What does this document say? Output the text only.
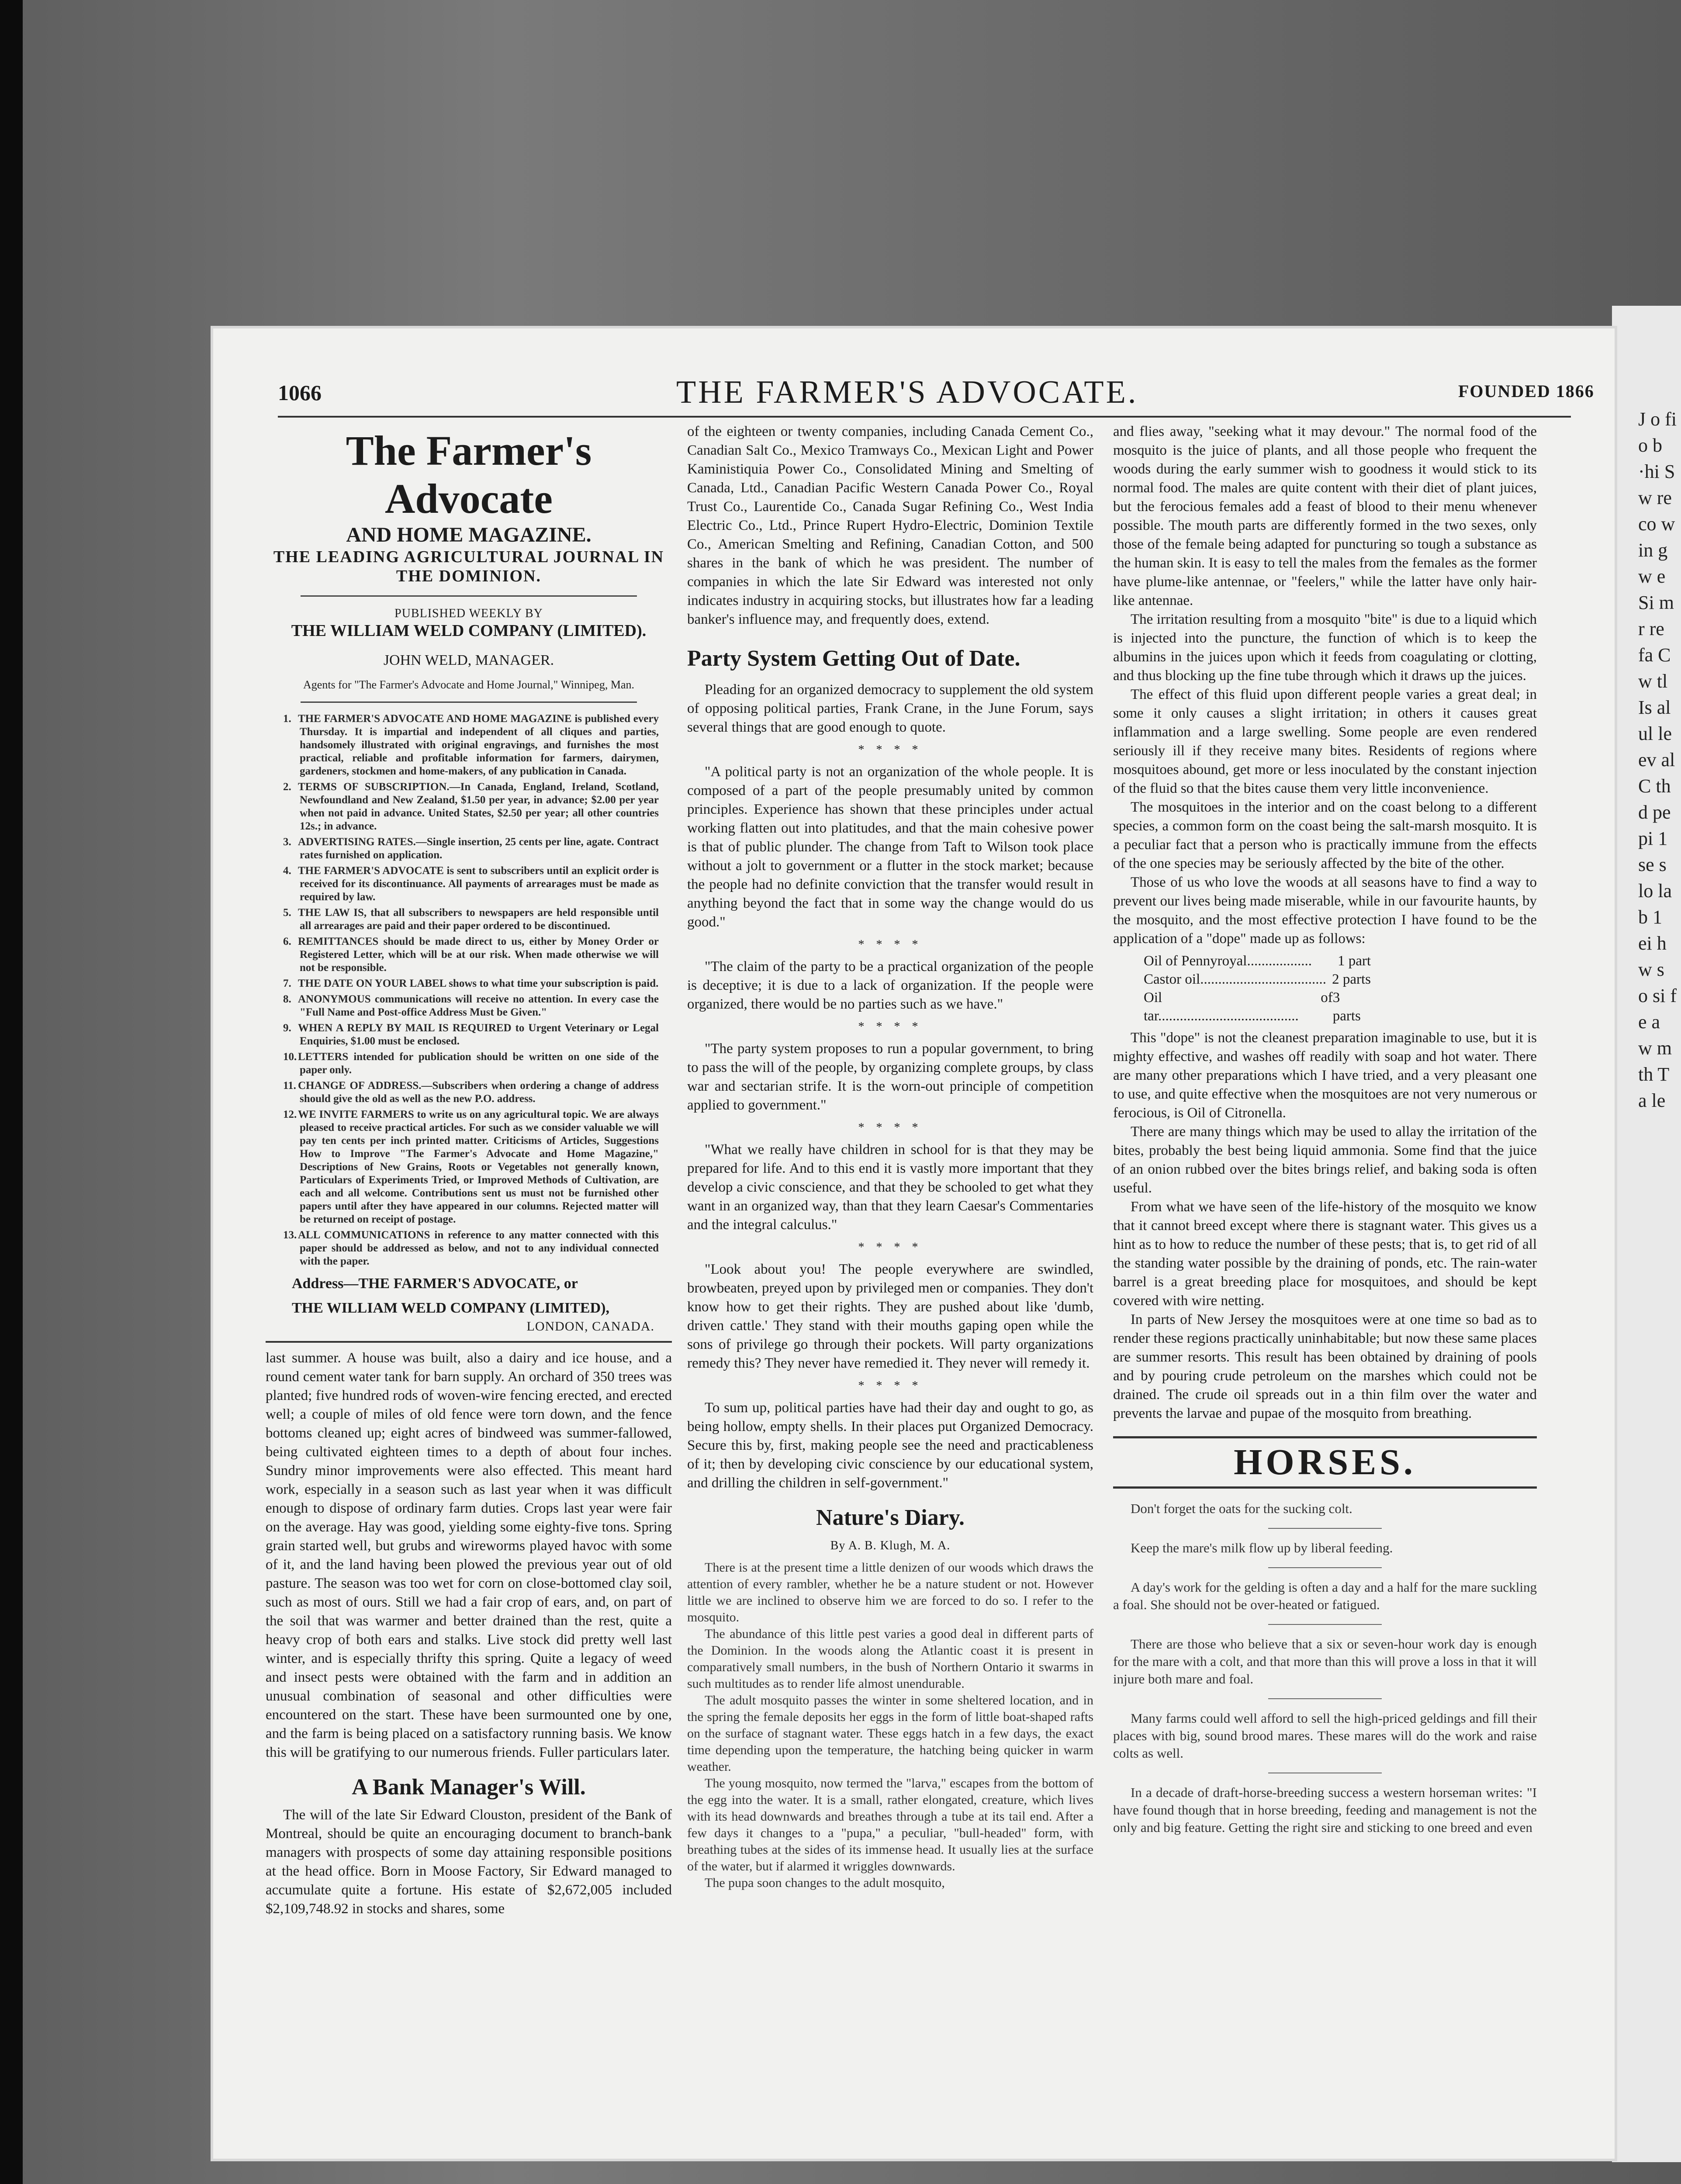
J o fi o b ·hi S w re co w in g w e Si m r re fa C w tl Is al ul le ev al C th d pe pi 1 se s lo la b 1 ei h w s o si f e a w m th T a le
1066	THE FARMER'S ADVOCATE.	FOUNDED 1866
The Farmer's Advocate
AND HOME MAGAZINE.
THE LEADING AGRICULTURAL JOURNAL IN THE DOMINION.
PUBLISHED WEEKLY BY
THE WILLIAM WELD COMPANY (LIMITED).
JOHN WELD, MANAGER.
Agents for "The Farmer's Advocate and Home Journal," Winnipeg, Man.
1. THE FARMER'S ADVOCATE AND HOME MAGAZINE is published every Thursday. It is impartial and independent of all cliques and parties, handsomely illustrated with original engravings, and furnishes the most practical, reliable and profitable information for farmers, dairymen, gardeners, stockmen and home-makers, of any publication in Canada.
2. TERMS OF SUBSCRIPTION.—In Canada, England, Ireland, Scotland, Newfoundland and New Zealand, $1.50 per year, in advance; $2.00 per year when not paid in advance. United States, $2.50 per year; all other countries 12s.; in advance.
3. ADVERTISING RATES.—Single insertion, 25 cents per line, agate. Contract rates furnished on application.
4. THE FARMER'S ADVOCATE is sent to subscribers until an explicit order is received for its discontinuance. All payments of arrearages must be made as required by law.
5. THE LAW IS, that all subscribers to newspapers are held responsible until all arrearages are paid and their paper ordered to be discontinued.
6. REMITTANCES should be made direct to us, either by Money Order or Registered Letter, which will be at our risk. When made otherwise we will not be responsible.
7. THE DATE ON YOUR LABEL shows to what time your subscription is paid.
8. ANONYMOUS communications will receive no attention. In every case the "Full Name and Post-office Address Must be Given."
9. WHEN A REPLY BY MAIL IS REQUIRED to Urgent Veterinary or Legal Enquiries, $1.00 must be enclosed.
10. LETTERS intended for publication should be written on one side of the paper only.
11. CHANGE OF ADDRESS.—Subscribers when ordering a change of address should give the old as well as the new P.O. address.
12. WE INVITE FARMERS to write us on any agricultural topic. We are always pleased to receive practical articles. For such as we consider valuable we will pay ten cents per inch printed matter. Criticisms of Articles, Suggestions How to Improve "The Farmer's Advocate and Home Magazine," Descriptions of New Grains, Roots or Vegetables not generally known, Particulars of Experiments Tried, or Improved Methods of Cultivation, are each and all welcome. Contributions sent us must not be furnished other papers until after they have appeared in our columns. Rejected matter will be returned on receipt of postage.
13. ALL COMMUNICATIONS in reference to any matter connected with this paper should be addressed as below, and not to any individual connected with the paper.
Address—THE FARMER'S ADVOCATE, or
THE WILLIAM WELD COMPANY (LIMITED),
LONDON, CANADA.
last summer. A house was built, also a dairy and ice house, and a round cement water tank for barn supply. An orchard of 350 trees was planted; five hundred rods of woven-wire fencing erected, and erected well; a couple of miles of old fence were torn down, and the fence bottoms cleaned up; eight acres of bindweed was summer-fallowed, being cultivated eighteen times to a depth of about four inches. Sundry minor improvements were also effected. This meant hard work, especially in a season such as last year when it was difficult enough to dispose of ordinary farm duties. Crops last year were fair on the average. Hay was good, yielding some eighty-five tons. Spring grain started well, but grubs and wireworms played havoc with some of it, and the land having been plowed the previous year out of old pasture. The season was too wet for corn on close-bottomed clay soil, such as most of ours. Still we had a fair crop of ears, and, on part of the soil that was warmer and better drained than the rest, quite a heavy crop of both ears and stalks. Live stock did pretty well last winter, and is especially thrifty this spring. Quite a legacy of weed and insect pests were obtained with the farm and in addition an unusual combination of seasonal and other difficulties were encountered on the start. These have been surmounted one by one, and the farm is being placed on a satisfactory running basis. We know this will be gratifying to our numerous friends. Fuller particulars later.
A Bank Manager's Will.

The will of the late Sir Edward Clouston, president of the Bank of Montreal, should be quite an encouraging document to branch-bank managers with prospects of some day attaining responsible positions at the head office. Born in Moose Factory, Sir Edward managed to accumulate quite a fortune. His estate of $2,672,005 included $2,109,748.92 in stocks and shares, some

of the eighteen or twenty companies, including Canada Cement Co., Canadian Salt Co., Mexico Tramways Co., Mexican Light and Power Kaministiquia Power Co., Consolidated Mining and Smelting of Canada, Ltd., Canadian Pacific Western Canada Power Co., Royal Trust Co., Laurentide Co., Canada Sugar Refining Co., West India Electric Co., Ltd., Prince Rupert Hydro-Electric, Dominion Textile Co., American Smelting and Refining, Canadian Cotton, and 500 shares in the bank of which he was president. The number of companies in which the late Sir Edward was interested not only indicates industry in acquiring stocks, but illustrates how far a leading banker's influence may, and frequently does, extend.

Party System Getting Out of Date.

Pleading for an organized democracy to supplement the old system of opposing political parties, Frank Crane, in the June Forum, says several things that are good enough to quote.

* * * *

"A political party is not an organization of the whole people. It is composed of a part of the people presumably united by common principles. Experience has shown that these principles under actual working flatten out into platitudes, and that the main cohesive power is that of public plunder. The change from Taft to Wilson took place without a jolt to government or a flutter in the stock market; because the people had no definite conviction that the transfer would result in anything beyond the fact that in some way the change would do us good."

* * * *

"The claim of the party to be a practical organization of the people is deceptive; it is due to a lack of organization. If the people were organized, there would be no parties such as we have."

* * * *

"The party system proposes to run a popular government, to bring to pass the will of the people, by organizing complete groups, by class war and sectarian strife. It is the worn-out principle of competition applied to government."

* * * *

"What we really have children in school for is that they may be prepared for life. And to this end it is vastly more important that they develop a civic conscience, and that they be schooled to get what they want in an organized way, than that they learn Caesar's Commentaries and the integral calculus."

* * * *

"Look about you! The people everywhere are swindled, browbeaten, preyed upon by privileged men or companies. They don't know how to get their rights. They are pushed about like 'dumb, driven cattle.' They stand with their mouths gaping open while the sons of privilege go through their pockets. Will party organizations remedy this? They never have remedied it. They never will remedy it.

* * * *

To sum up, political parties have had their day and ought to go, as being hollow, empty shells. In their places put Organized Democracy. Secure this by, first, making people see the need and practicableness of it; then by developing civic conscience by our educational system, and drilling the children in self-government."

Nature's Diary.
By A. B. Klugh, M. A.

There is at the present time a little denizen of our woods which draws the attention of every rambler, whether he be a nature student or not. However little we are inclined to observe him we are forced to do so. I refer to the mosquito.

The abundance of this little pest varies a good deal in different parts of the Dominion. In the woods along the Atlantic coast it is present in comparatively small numbers, in the bush of Northern Ontario it swarms in such multitudes as to render life almost unendurable.

The adult mosquito passes the winter in some sheltered location, and in the spring the female deposits her eggs in the form of little boat-shaped rafts on the surface of stagnant water. These eggs hatch in a few days, the exact time depending upon the temperature, the hatching being quicker in warm weather.

The young mosquito, now termed the "larva," escapes from the bottom of the egg into the water. It is a small, rather elongated, creature, which lives with its head downwards and breathes through a tube at its tail end. After a few days it changes to a "pupa," a peculiar, "bull-headed" form, with breathing tubes at the sides of its immense head. It usually lies at the surface of the water, but if alarmed it wriggles downwards.

The pupa soon changes to the adult mosquito,

and flies away, "seeking what it may devour." The normal food of the mosquito is the juice of plants, and all those people who frequent the woods during the early summer wish to goodness it would stick to its normal food. The males are quite content with their diet of plant juices, but the ferocious females add a feast of blood to their menu whenever possible. The mouth parts are differently formed in the two sexes, only those of the female being adapted for puncturing so tough a substance as the human skin. It is easy to tell the males from the females as the former have plume-like antennae, or "feelers," while the latter have only hair-like antennae.

The irritation resulting from a mosquito "bite" is due to a liquid which is injected into the puncture, the function of which is to keep the albumins in the juices upon which it feeds from coagulating or clotting, and thus blocking up the fine tube through which it draws up the juices.

The effect of this fluid upon different people varies a great deal; in some it only causes a slight irritation; in others it causes great inflammation and a large swelling. Some people are even rendered seriously ill if they receive many bites. Residents of regions where mosquitoes abound, get more or less inoculated by the constant injection of the fluid so that the bites cause them very little inconvenience.

The mosquitoes in the interior and on the coast belong to a different species, a common form on the coast being the salt-marsh mosquito. It is a peculiar fact that a person who is practically immune from the effects of the one species may be seriously affected by the bite of the other.

Those of us who love the woods at all seasons have to find a way to prevent our lives being made miserable, while in our favourite haunts, by the mosquito, and the most effective protection I have found to be the application of a "dope" made up as follows:

Oil of Pennyroyal.................. 1 part
Castor oil................................... 2 parts
Oil of tar.......................................
3 parts

This "dope" is not the cleanest preparation imaginable to use, but it is mighty effective, and washes off readily with soap and hot water. There are many other preparations which I have tried, and a very pleasant one to use, and quite effective when the mosquitoes are not very numerous or ferocious, is Oil of Citronella.

There are many things which may be used to allay the irritation of the bites, probably the best being liquid ammonia. Some find that the juice of an onion rubbed over the bites brings relief, and baking soda is often useful.

From what we have seen of the life-history of the mosquito we know that it cannot breed except where there is stagnant water. This gives us a hint as to how to reduce the number of these pests; that is, to get rid of all the standing water possible by the draining of ponds, etc. The rain-water barrel is a great breeding place for mosquitoes, and should be kept covered with wire netting.

In parts of New Jersey the mosquitoes were at one time so bad as to render these regions practically uninhabitable; but now these same places are summer resorts. This result has been obtained by draining of pools and by pouring crude petroleum on the marshes which could not be drained. The crude oil spreads out in a thin film over the water and prevents the larvae and pupae of the mosquito from breathing.

HORSES.

Don't forget the oats for the sucking colt.

Keep the mare's milk flow up by liberal feeding.

A day's work for the gelding is often a day and a half for the mare suckling a foal. She should not be over-heated or fatigued.

There are those who believe that a six or seven-hour work day is enough for the mare with a colt, and that more than this will prove a loss in that it will injure both mare and foal.

Many farms could well afford to sell the high-priced geldings and fill their places with big, sound brood mares. These mares will do the work and raise colts as well.

In a decade of draft-horse-breeding success a western horseman writes: "I have found though that in horse breeding, feeding and management is not the only and big feature. Getting the right sire and sticking to one breed and even
